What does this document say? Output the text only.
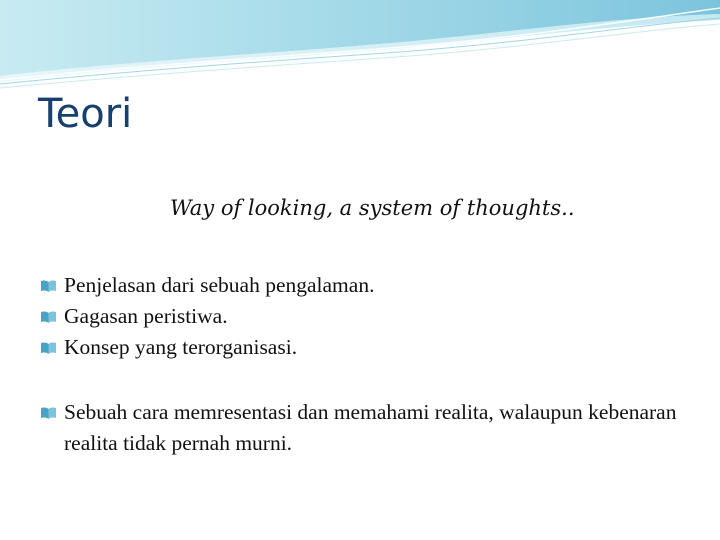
Teori
Way of looking, a system of thoughts..
Penjelasan dari sebuah pengalaman.
Gagasan peristiwa.
Konsep yang terorganisasi.
Sebuah cara memresentasi dan memahami realita, walaupun kebenaran realita tidak pernah murni.
